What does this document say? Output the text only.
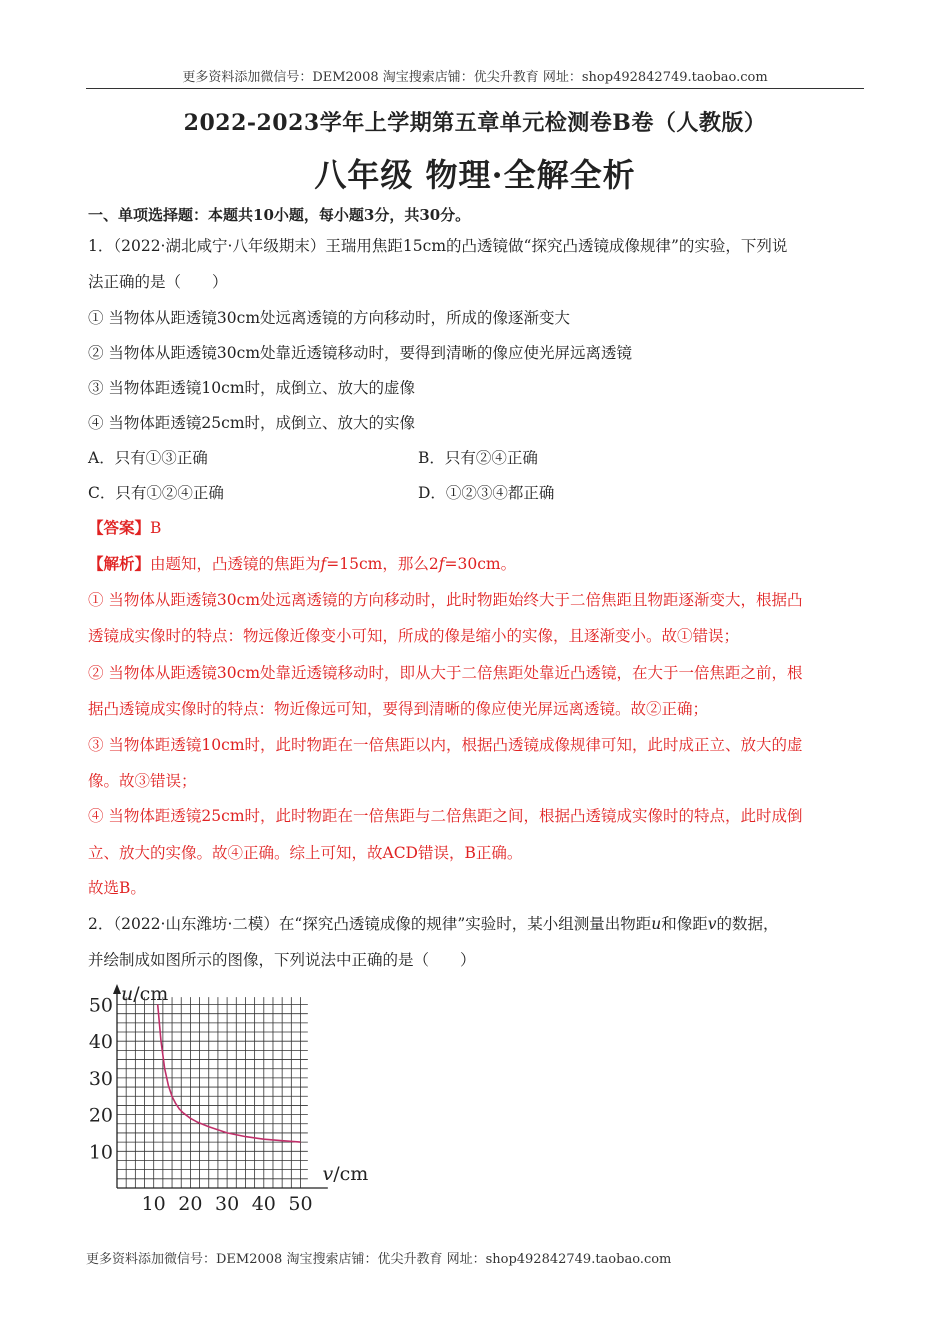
更多资料添加微信号：DEM2008 淘宝搜索店铺：优尖升教育 网址：shop492842749.taobao.com
2022-2023学年上学期第五章单元检测卷B卷（人教版）
八年级 物理·全解全析
一、单项选择题：本题共10小题，每小题3分，共30分。
1．（2022·湖北咸宁·八年级期末）王瑞用焦距15cm的凸透镜做“探究凸透镜成像规律”的实验，下列说
法正确的是（　　）
① 当物体从距透镜30cm处远离透镜的方向移动时，所成的像逐渐变大
② 当物体从距透镜30cm处靠近透镜移动时，要得到清晰的像应使光屏远离透镜
③ 当物体距透镜10cm时，成倒立、放大的虚像
④ 当物体距透镜25cm时，成倒立、放大的实像
A．只有①③正确	B．只有②④正确
C．只有①②④正确	D．①②③④都正确
【答案】B
【解析】由题知，凸透镜的焦距为f=15cm，那么2f=30cm。
① 当物体从距透镜30cm处远离透镜的方向移动时，此时物距始终大于二倍焦距且物距逐渐变大，根据凸
透镜成实像时的特点：物远像近像变小可知，所成的像是缩小的实像，且逐渐变小。故①错误；
② 当物体从距透镜30cm处靠近透镜移动时，即从大于二倍焦距处靠近凸透镜，在大于一倍焦距之前，根
据凸透镜成实像时的特点：物近像远可知，要得到清晰的像应使光屏远离透镜。故②正确；
③ 当物体距透镜10cm时，此时物距在一倍焦距以内，根据凸透镜成像规律可知，此时成正立、放大的虚
像。故③错误；
④ 当物体距透镜25cm时，此时物距在一倍焦距与二倍焦距之间，根据凸透镜成实像时的特点，此时成倒
立、放大的实像。故④正确。综上可知，故ACD错误，B正确。
故选B。
2．（2022·山东潍坊·二模）在“探究凸透镜成像的规律”实验时，某小组测量出物距u和像距v的数据，
并绘制成如图所示的图像，下列说法中正确的是（　　）
10
20
30
40
50
10 20 30 40 50
u/cm
v/cm
更多资料添加微信号：DEM2008 淘宝搜索店铺：优尖升教育 网址：shop492842749.taobao.com
